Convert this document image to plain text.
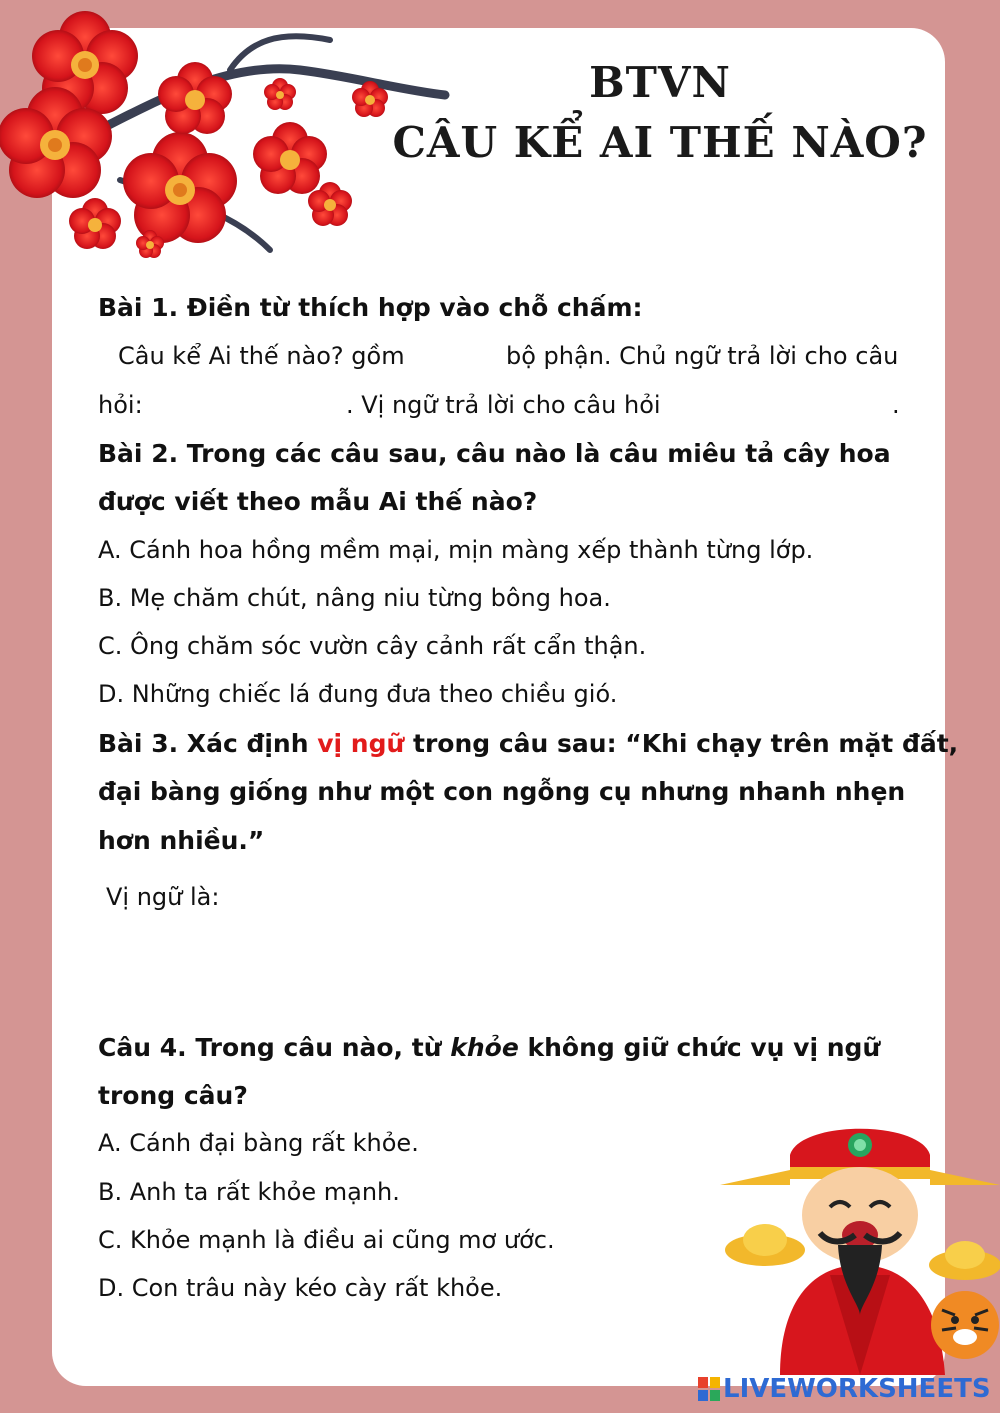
BTVN
CÂU KỂ AI THẾ NÀO?
Bài 1. Điền từ thích hợp vào chỗ chấm:
Câu kể Ai thế nào? gồm	bộ phận. Chủ ngữ trả lời cho câu
hỏi:	. Vị ngữ trả lời cho câu hỏi	.
Bài 2. Trong các câu sau, câu nào là câu miêu tả cây hoa
được viết theo mẫu Ai thế nào?
A. Cánh hoa hồng mềm mại, mịn màng xếp thành từng lớp.
B. Mẹ chăm chút, nâng niu từng bông hoa.
C. Ông chăm sóc vườn cây cảnh rất cẩn thận.
D. Những chiếc lá đung đưa theo chiều gió.
Bài 3. Xác định vị ngữ trong câu sau: “Khi chạy trên mặt đất,
đại bàng giống như một con ngỗng cụ nhưng nhanh nhẹn
hơn nhiều.”
Vị ngữ là:
Câu 4. Trong câu nào, từ khỏe không giữ chức vụ vị ngữ
trong câu?
A. Cánh đại bàng rất khỏe.
B. Anh ta rất khỏe mạnh.
C. Khỏe mạnh là điều ai cũng mơ ước.
D. Con trâu này kéo cày rất khỏe.
LIVEWORKSHEETS
